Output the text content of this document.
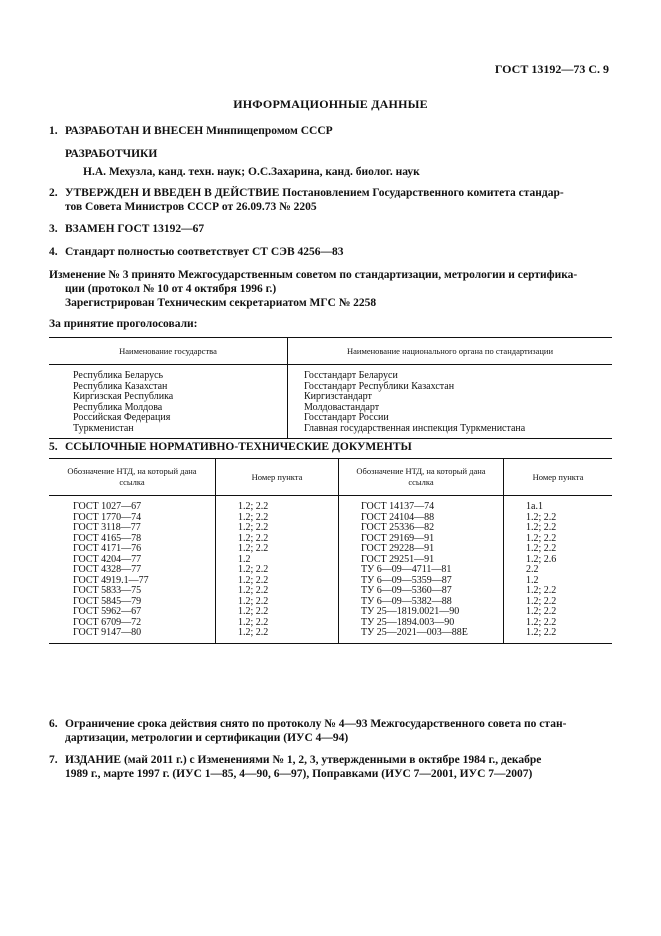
ГОСТ 13192—73 С. 9
ИНФОРМАЦИОННЫЕ ДАННЫЕ
1. РАЗРАБОТАН И ВНЕСЕН Минпищепромом СССР
РАЗРАБОТЧИКИ
Н.А. Мехузла, канд. техн. наук; О.С.Захарина, канд. биолог. наук
2. УТВЕРЖДЕН И ВВЕДЕН В ДЕЙСТВИЕ Постановлением Государственного комитета стандар-
тов Совета Министров СССР от 26.09.73 № 2205
3. ВЗАМЕН ГОСТ 13192—67
4. Стандарт полностью соответствует СТ СЭВ 4256—83
Изменение № 3 принято Межгосударственным советом по стандартизации, метрологии и сертифика-
ции (протокол № 10 от 4 октября 1996 г.)
Зарегистрирован Техническим секретариатом МГС № 2258
За принятие проголосовали:
Наименование государства	Наименование национального органа по стандартизации
Республика Беларусь	Госстандарт Беларуси
Республика Казахстан	Госстандарт Республики Казахстан
Киргизская Республика	Киргизстандарт
Республика Молдова	Молдовастандарт
Российская Федерация	Госстандарт России
Туркменистан	Главная государственная инспекция Туркменистана
5. ССЫЛОЧНЫЕ НОРМАТИВНО-ТЕХНИЧЕСКИЕ ДОКУМЕНТЫ
Обозначение НТД, на который дана ссылка	Номер пункта	Обозначение НТД, на который дана ссылка	Номер пункта
ГОСТ 1027—67	1.2; 2.2	ГОСТ 14137—74	1а.1
ГОСТ 1770—74	1.2; 2.2	ГОСТ 24104—88	1.2; 2.2
ГОСТ 3118—77	1.2; 2.2	ГОСТ 25336—82	1.2; 2.2
ГОСТ 4165—78	1.2; 2.2	ГОСТ 29169—91	1.2; 2.2
ГОСТ 4171—76	1.2; 2.2	ГОСТ 29228—91	1.2; 2.2
ГОСТ 4204—77	1.2	ГОСТ 29251—91	1.2; 2.6
ГОСТ 4328—77	1.2; 2.2	ТУ 6—09—4711—81	2.2
ГОСТ 4919.1—77	1.2; 2.2	ТУ 6—09—5359—87	1.2
ГОСТ 5833—75	1.2; 2.2	ТУ 6—09—5360—87	1.2; 2.2
ГОСТ 5845—79	1.2; 2.2	ТУ 6—09—5382—88	1.2; 2.2
ГОСТ 5962—67	1.2; 2.2	ТУ 25—1819.0021—90	1.2; 2.2
ГОСТ 6709—72	1.2; 2.2	ТУ 25—1894.003—90	1.2; 2.2
ГОСТ 9147—80	1.2; 2.2	ТУ 25—2021—003—88Е	1.2; 2.2
6. Ограничение срока действия снято по протоколу № 4—93 Межгосударственного совета по стан-
дартизации, метрологии и сертификации (ИУС 4—94)
7. ИЗДАНИЕ (май 2011 г.) с Изменениями № 1, 2, 3, утвержденными в октябре 1984 г., декабре
1989 г., марте 1997 г. (ИУС 1—85, 4—90, 6—97), Поправками (ИУС 7—2001, ИУС 7—2007)
